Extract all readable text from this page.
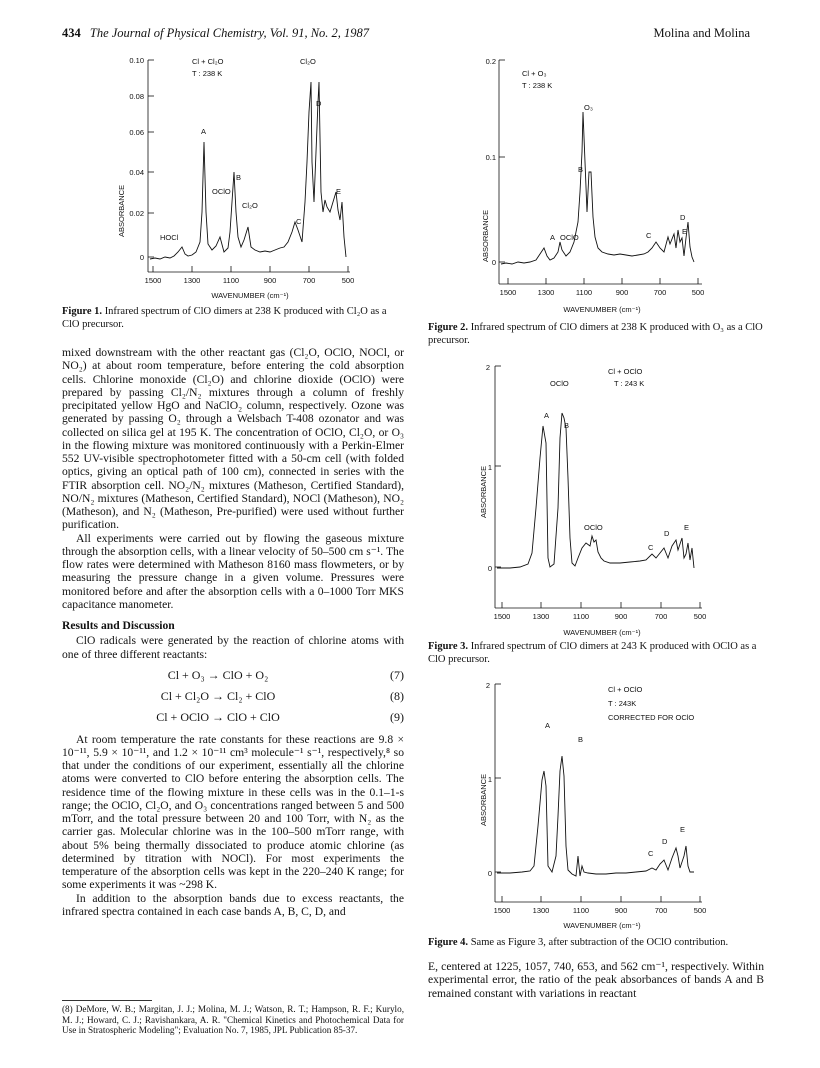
434 The Journal of Physical Chemistry, Vol. 91, No. 2, 1987	Molina and Molina
ABSORBANCE
0.10
0.08
0.06
0.04
0.02
0
Cl + Cl₂O
T : 238 K
Cl₂O
D
A
B
OClO
Cl₂O
C
E
HOCl
1500	1300	1100	900	700	500
WAVENUMBER (cm⁻¹)
Figure 1. Infrared spectrum of ClO dimers at 238 K produced with Cl₂O as a ClO precursor.

mixed downstream with the other reactant gas (Cl₂O, OClO, NOCl, or NO₂) at about room temperature, before entering the cold absorption cells. Chlorine monoxide (Cl₂O) and chlorine dioxide (OClO) were prepared by passing Cl₂/N₂ mixtures through a column of freshly precipitated yellow HgO and NaClO₂ column, respectively. Ozone was generated by passing O₂ through a Welsbach T-408 ozonator and was collected on silica gel at 195 K. The concentration of OClO, Cl₂O, or O₃ in the flowing mixture was monitored continuously with a Perkin-Elmer 552 UV-visible spectrophotometer fitted with a 50-cm cell (with folded optics, giving an optical path of 100 cm), connected in series with the FTIR absorption cell. NO₂/N₂ mixtures (Matheson, Certified Standard), NO/N₂ mixtures (Matheson, Certified Standard), NOCl (Matheson), NO₂ (Matheson), and N₂ (Matheson, Pre-purified) were used without further purification.

All experiments were carried out by flowing the gaseous mixture through the absorption cells, with a linear velocity of 50–500 cm s⁻¹. The flow rates were determined with Matheson 8160 mass flowmeters, or by measuring the pressure change in a given volume. Pressures were monitored before and after the absorption cells with a 0–1000 Torr MKS capacitance manometer.

Results and Discussion

ClO radicals were generated by the reaction of chlorine atoms with one of three different reactants:

Cl + O₃ → ClO + O₂	(7)
Cl + Cl₂O → Cl₂ + ClO	(8)
Cl + OClO → ClO + ClO	(9)

At room temperature the rate constants for these reactions are 9.8 × 10⁻¹¹, 5.9 × 10⁻¹¹, and 1.2 × 10⁻¹¹ cm³ molecule⁻¹ s⁻¹, respectively,⁸ so that under the conditions of our experiment, essentially all the chlorine atoms were converted to ClO before entering the absorption cells. The residence time of the flowing mixture in these cells was in the 0.1–1-s range; the OClO, Cl₂O, and O₃ concentrations ranged between 5 and 500 mTorr, and the total pressure between 20 and 100 Torr, with N₂ as the carrier gas. Molecular chlorine was in the 100–500 mTorr range, with about 5% being thermally dissociated to produce atomic chlorine (as determined by titration with NOCl). For most experiments the temperature of the absorption cells was kept in the 220–240 K range; for some experiments it was ~298 K.

In addition to the absorption bands due to excess reactants, the infrared spectra contained in each case bands A, B, C, D, and

(8) DeMore, W. B.; Margitan, J. J.; Molina, M. J.; Watson, R. T.; Hampson, R. F.; Kurylo, M. J.; Howard, C. J.; Ravishankara, A. R. "Chemical Kinetics and Photochemical Data for Use in Stratospheric Modeling"; Evaluation No. 7, 1985, JPL Publication 85-37.
ABSORBANCE
0.2
0.1
0
Cl + O₃
T : 238 K
O₃
B
A OClO
D
C	E
1500	1300	1100	900	700	500
WAVENUMBER (cm⁻¹)
Figure 2. Infrared spectrum of ClO dimers at 238 K produced with O₃ as a ClO precursor.
ABSORBANCE
2
1
0
Cl + OClO
T : 243 K
OClO
A
B
OClO
C
D
E
1500	1300	1100	900	700	500
WAVENUMBER (cm⁻¹)
Figure 3. Infrared spectrum of ClO dimers at 243 K produced with OClO as a ClO precursor.
ABSORBANCE
2
1
0
Cl + OClO
T : 243K
CORRECTED FOR OClO
A
B
C
D
E
1500	1300	1100	900	700	500
WAVENUMBER (cm⁻¹)
Figure 4. Same as Figure 3, after subtraction of the OClO contribution.

E, centered at 1225, 1057, 740, 653, and 562 cm⁻¹, respectively. Within experimental error, the ratio of the peak absorbances of bands A and B remained constant with variations in reactant
